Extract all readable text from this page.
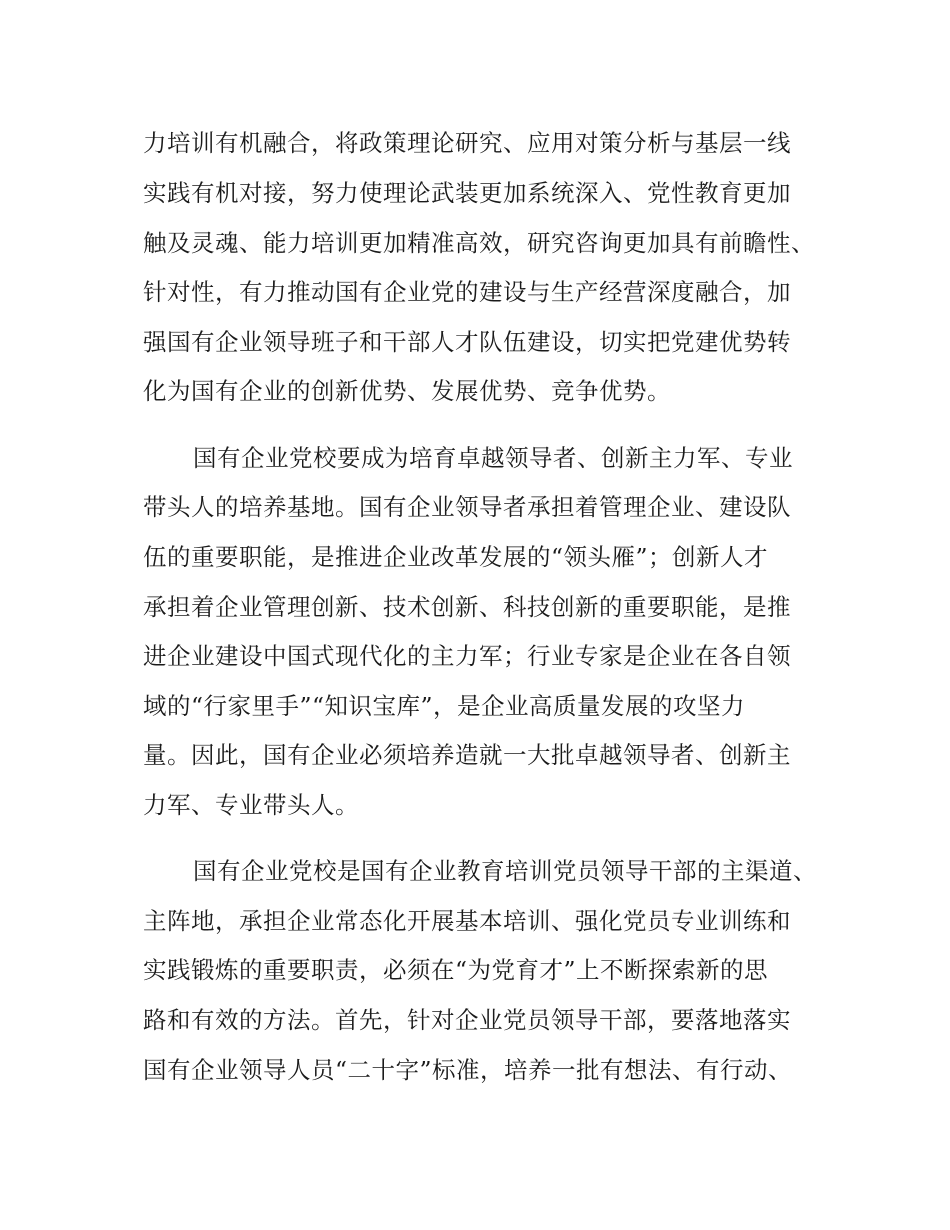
力培训有机融合，将政策理论研究、应用对策分析与基层一线
实践有机对接，努力使理论武装更加系统深入、党性教育更加
触及灵魂、能力培训更加精准高效，研究咨询更加具有前瞻性、
针对性，有力推动国有企业党的建设与生产经营深度融合，加
强国有企业领导班子和干部人才队伍建设，切实把党建优势转
化为国有企业的创新优势、发展优势、竞争优势。
国有企业党校要成为培育卓越领导者、创新主力军、专业
带头人的培养基地。国有企业领导者承担着管理企业、建设队
伍的重要职能，是推进企业改革发展的“领头雁”；创新人才
承担着企业管理创新、技术创新、科技创新的重要职能，是推
进企业建设中国式现代化的主力军；行业专家是企业在各自领
域的“行家里手”“知识宝库”，是企业高质量发展的攻坚力
量。因此，国有企业必须培养造就一大批卓越领导者、创新主
力军、专业带头人。
国有企业党校是国有企业教育培训党员领导干部的主渠道、
主阵地，承担企业常态化开展基本培训、强化党员专业训练和
实践锻炼的重要职责，必须在“为党育才”上不断探索新的思
路和有效的方法。首先，针对企业党员领导干部，要落地落实
国有企业领导人员“二十字”标准，培养一批有想法、有行动、
